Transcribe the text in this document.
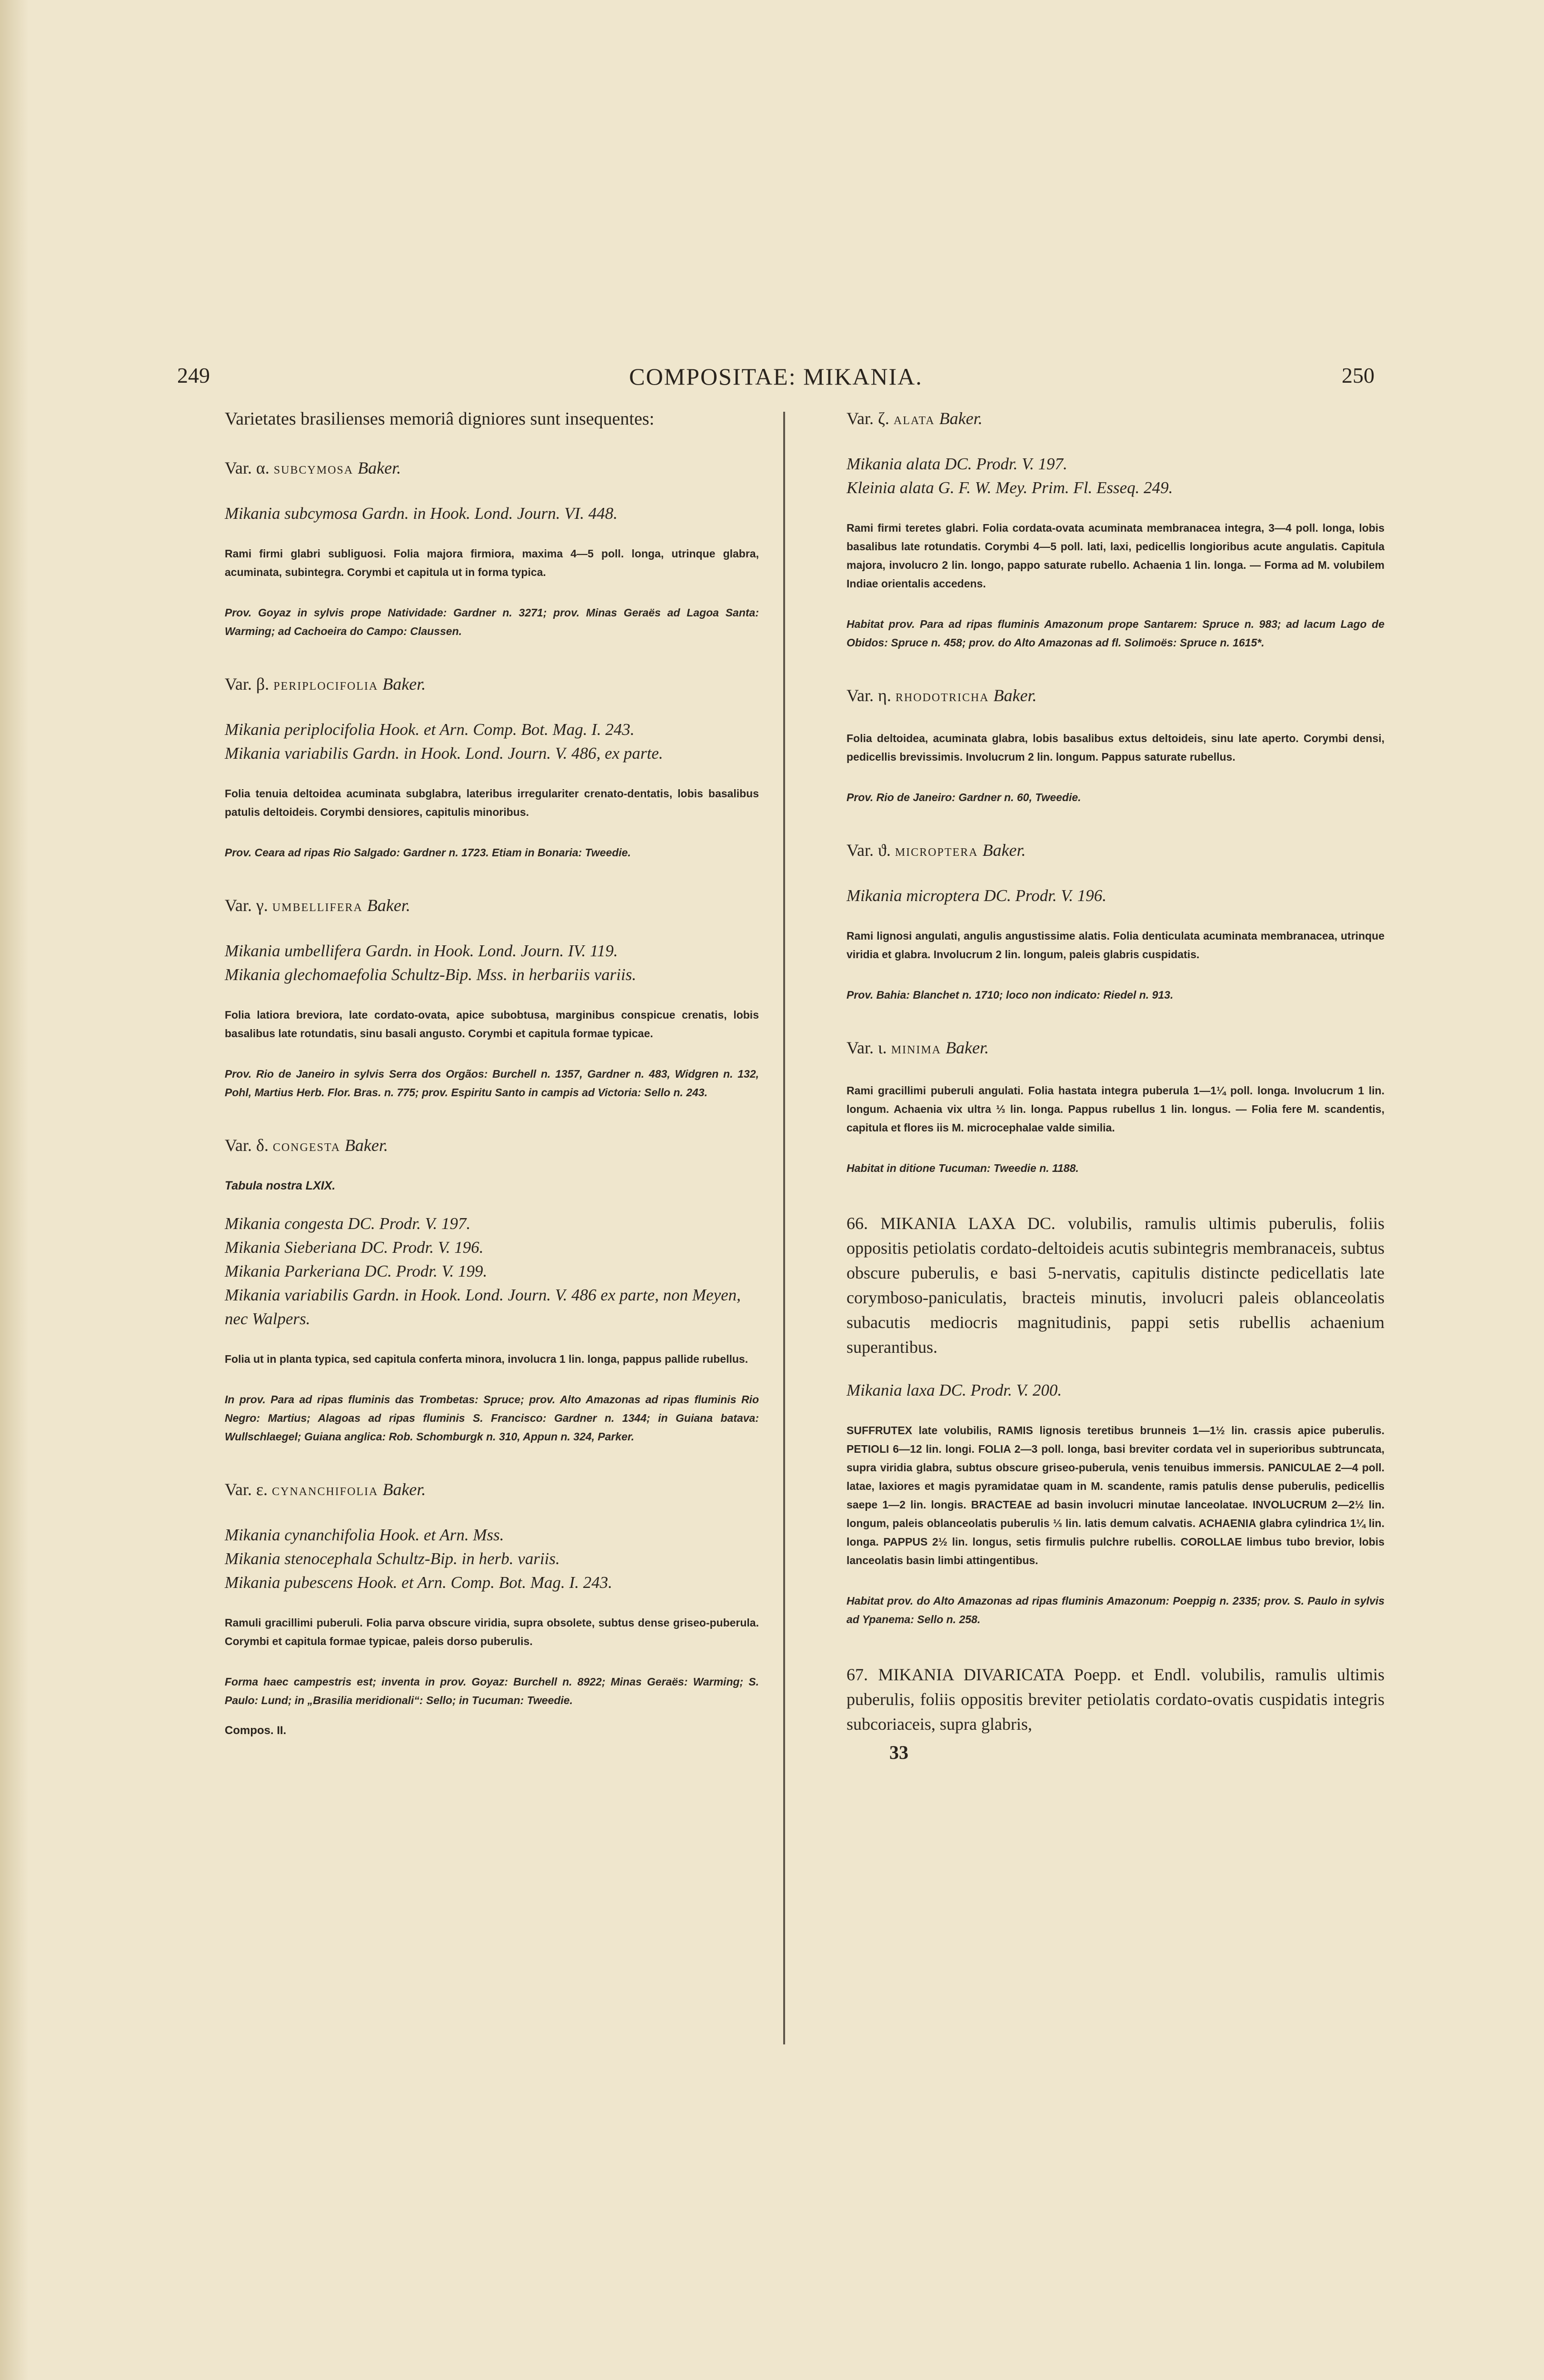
249	COMPOSITAE: MIKANIA.	250

Varietates brasilienses memoriâ digniores sunt insequentes:

Var. α. SUBCYMOSA Baker.

Mikania subcymosa Gardn. in Hook. Lond. Journ. VI. 448.

Rami firmi glabri subliguosi. Folia majora firmiora, maxima 4—5 poll. longa, utrinque glabra, acuminata, subintegra. Corymbi et capitula ut in forma typica.

Prov. Goyaz in sylvis prope Natividade: Gardner n. 3271; prov. Minas Geraës ad Lagoa Santa: Warming; ad Cachoeira do Campo: Claussen.

Var. β. PERIPLOCIFOLIA Baker.

Mikania periplocifolia Hook. et Arn. Comp. Bot. Mag. I. 243.

Mikania variabilis Gardn. in Hook. Lond. Journ. V. 486, ex parte.

Folia tenuia deltoidea acuminata subglabra, lateribus irregulariter crenato-dentatis, lobis basalibus patulis deltoideis. Corymbi densiores, capitulis minoribus.

Prov. Ceara ad ripas Rio Salgado: Gardner n. 1723. Etiam in Bonaria: Tweedie.

Var. γ. UMBELLIFERA Baker.

Mikania umbellifera Gardn. in Hook. Lond. Journ. IV. 119.

Mikania glechomaefolia Schultz-Bip. Mss. in herbariis variis.

Folia latiora breviora, late cordato-ovata, apice subobtusa, marginibus conspicue crenatis, lobis basalibus late rotundatis, sinu basali angusto. Corymbi et capitula formae typicae.

Prov. Rio de Janeiro in sylvis Serra dos Orgãos: Burchell n. 1357, Gardner n. 483, Widgren n. 132, Pohl, Martius Herb. Flor. Bras. n. 775; prov. Espiritu Santo in campis ad Victoria: Sello n. 243.

Var. δ. CONGESTA Baker.

Tabula nostra LXIX.

Mikania congesta DC. Prodr. V. 197.

Mikania Sieberiana DC. Prodr. V. 196.

Mikania Parkeriana DC. Prodr. V. 199.

Mikania variabilis Gardn. in Hook. Lond. Journ. V. 486 ex parte, non Meyen, nec Walpers.

Folia ut in planta typica, sed capitula conferta minora, involucra 1 lin. longa, pappus pallide rubellus.

In prov. Para ad ripas fluminis das Trombetas: Spruce; prov. Alto Amazonas ad ripas fluminis Rio Negro: Martius; Alagoas ad ripas fluminis S. Francisco: Gardner n. 1344; in Guiana batava: Wullschlaegel; Guiana anglica: Rob. Schomburgk n. 310, Appun n. 324, Parker.

Var. ε. CYNANCHIFOLIA Baker.

Mikania cynanchifolia Hook. et Arn. Mss.

Mikania stenocephala Schultz-Bip. in herb. variis.

Mikania pubescens Hook. et Arn. Comp. Bot. Mag. I. 243.

Ramuli gracillimi puberuli. Folia parva obscure viridia, supra obsolete, subtus dense griseo-puberula. Corymbi et capitula formae typicae, paleis dorso puberulis.

Forma haec campestris est; inventa in prov. Goyaz: Burchell n. 8922; Minas Geraës: Warming; S. Paulo: Lund; in „Brasilia meridionali“: Sello; in Tucuman: Tweedie.

Compos. II.

Var. ζ. ALATA Baker.

Mikania alata DC. Prodr. V. 197.

Kleinia alata G. F. W. Mey. Prim. Fl. Esseq. 249.

Rami firmi teretes glabri. Folia cordata-ovata acuminata membranacea integra, 3—4 poll. longa, lobis basalibus late rotundatis. Corymbi 4—5 poll. lati, laxi, pedicellis longioribus acute angulatis. Capitula majora, involucro 2 lin. longo, pappo saturate rubello. Achaenia 1 lin. longa. — Forma ad M. volubilem Indiae orientalis accedens.

Habitat prov. Para ad ripas fluminis Amazonum prope Santarem: Spruce n. 983; ad lacum Lago de Obidos: Spruce n. 458; prov. do Alto Amazonas ad fl. Solimoës: Spruce n. 1615*.

Var. η. RHODOTRICHA Baker.

Folia deltoidea, acuminata glabra, lobis basalibus extus deltoideis, sinu late aperto. Corymbi densi, pedicellis brevissimis. Involucrum 2 lin. longum. Pappus saturate rubellus.

Prov. Rio de Janeiro: Gardner n. 60, Tweedie.

Var. ϑ. MICROPTERA Baker.

Mikania microptera DC. Prodr. V. 196.

Rami lignosi angulati, angulis angustissime alatis. Folia denticulata acuminata membranacea, utrinque viridia et glabra. Involucrum 2 lin. longum, paleis glabris cuspidatis.

Prov. Bahia: Blanchet n. 1710; loco non indicato: Riedel n. 913.

Var. ι. MINIMA Baker.

Rami gracillimi puberuli angulati. Folia hastata integra puberula 1—1¼ poll. longa. Involucrum 1 lin. longum. Achaenia vix ultra ⅓ lin. longa. Pappus rubellus 1 lin. longus. — Folia fere M. scandentis, capitula et flores iis M. microcephalae valde similia.

Habitat in ditione Tucuman: Tweedie n. 1188.

66. MIKANIA LAXA DC. volubilis, ramulis ultimis puberulis, foliis oppositis petiolatis cordato-deltoideis acutis subintegris membranaceis, subtus obscure puberulis, e basi 5-nervatis, capitulis distincte pedicellatis late corymboso-paniculatis, bracteis minutis, involucri paleis oblanceolatis subacutis mediocris magnitudinis, pappi setis rubellis achaenium superantibus.

Mikania laxa DC. Prodr. V. 200.

SUFFRUTEX late volubilis, RAMIS lignosis teretibus brunneis 1—1½ lin. crassis apice puberulis. PETIOLI 6—12 lin. longi. FOLIA 2—3 poll. longa, basi breviter cordata vel in superioribus subtruncata, supra viridia glabra, subtus obscure griseo-puberula, venis tenuibus immersis. PANICULAE 2—4 poll. latae, laxiores et magis pyramidatae quam in M. scandente, ramis patulis dense puberulis, pedicellis saepe 1—2 lin. longis. BRACTEAE ad basin involucri minutae lanceolatae. INVOLUCRUM 2—2½ lin. longum, paleis oblanceolatis puberulis ⅓ lin. latis demum calvatis. ACHAENIA glabra cylindrica 1¼ lin. longa. PAPPUS 2½ lin. longus, setis firmulis pulchre rubellis. COROLLAE limbus tubo brevior, lobis lanceolatis basin limbi attingentibus.

Habitat prov. do Alto Amazonas ad ripas fluminis Amazonum: Poeppig n. 2335; prov. S. Paulo in sylvis ad Ypanema: Sello n. 258.

67. MIKANIA DIVARICATA Poepp. et Endl. volubilis, ramulis ultimis puberulis, foliis oppositis breviter petiolatis cordato-ovatis cuspidatis integris subcoriaceis, supra glabris,

33
